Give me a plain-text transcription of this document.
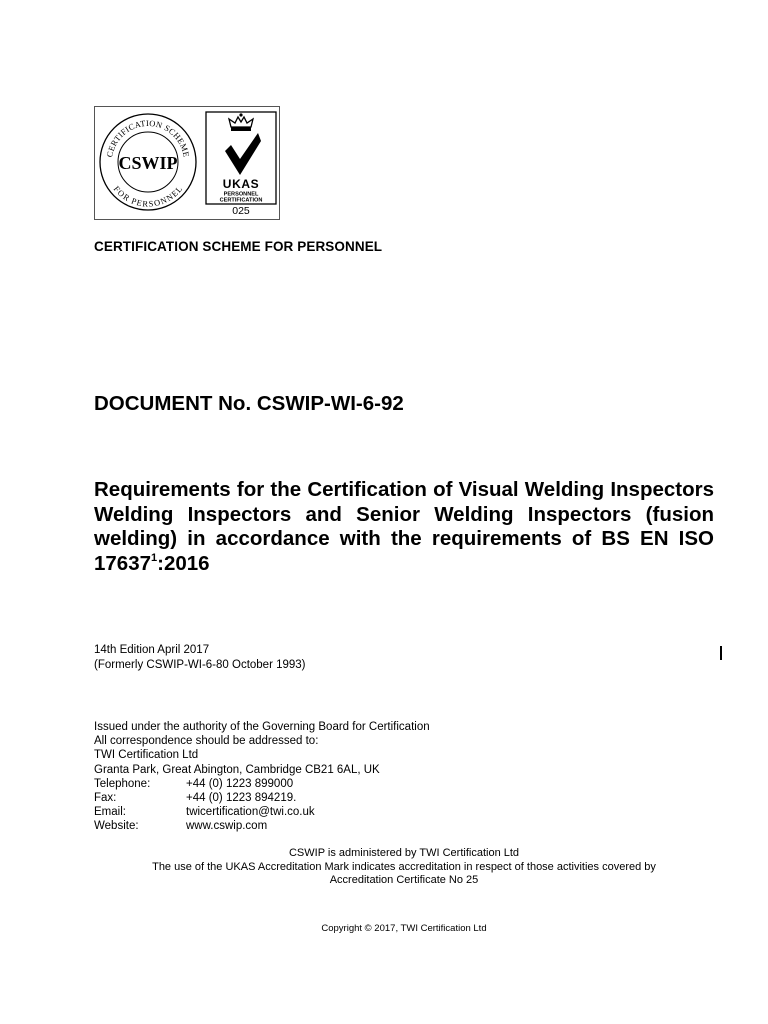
CERTIFICATION SCHEME
FOR PERSONNEL
CSWIP
UKAS
PERSONNEL
CERTIFICATION
025
CERTIFICATION SCHEME FOR PERSONNEL
DOCUMENT No. CSWIP-WI-6-92
Requirements for the Certification of Visual Welding Inspectors Welding Inspectors and Senior Welding Inspectors (fusion welding) in accordance with the requirements of BS EN ISO 17637$^1$:2016
14th Edition April 2017
(Formerly CSWIP-WI-6-80 October 1993)
Issued under the authority of the Governing Board for Certification
All correspondence should be addressed to:
TWI Certification Ltd
Granta Park, Great Abington, Cambridge CB21 6AL, UK
Telephone:	+44 (0) 1223 899000
Fax:	+44 (0) 1223 894219.
Email:	twicertification@twi.co.uk
Website:	www.cswip.com
CSWIP is administered by TWI Certification Ltd
The use of the UKAS Accreditation Mark indicates accreditation in respect of those activities covered by
Accreditation Certificate No 25
Copyright © 2017, TWI Certification Ltd
